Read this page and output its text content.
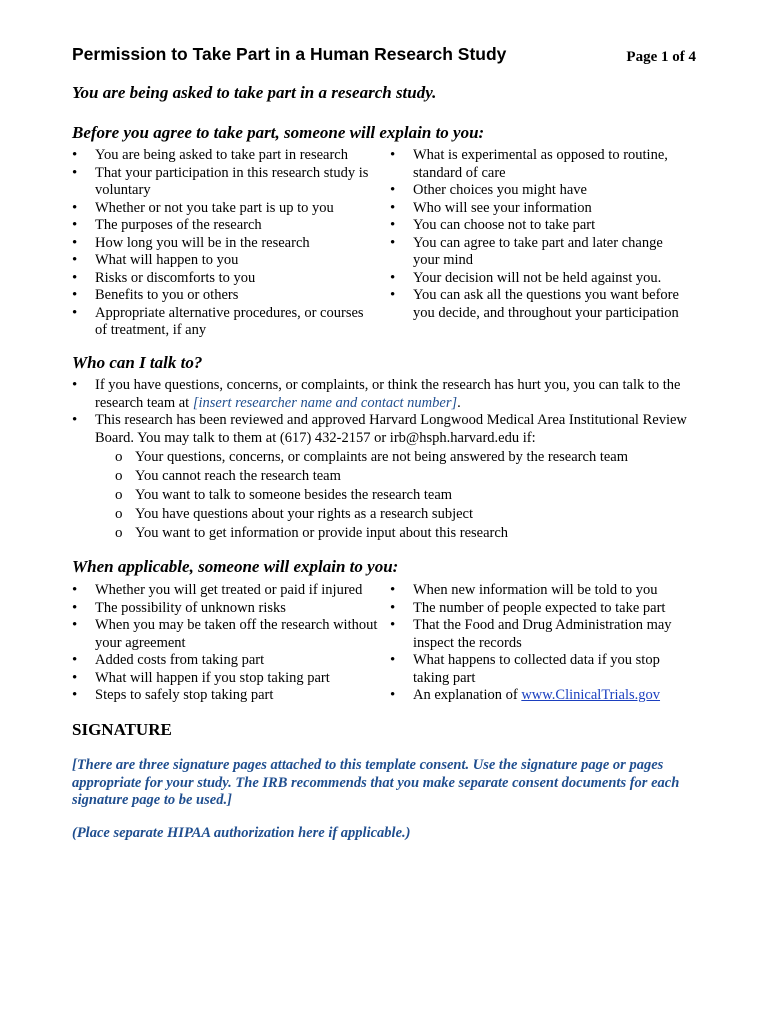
Permission to Take Part in a Human Research Study	Page 1 of 4
You are being asked to take part in a research study.
Before you agree to take part, someone will explain to you:
• You are being asked to take part in research
• That your participation in this research study is voluntary
• Whether or not you take part is up to you
• The purposes of the research
• How long you will be in the research
• What will happen to you
• Risks or discomforts to you
• Benefits to you or others
• Appropriate alternative procedures, or courses of treatment, if any
• What is experimental as opposed to routine, standard of care
• Other choices you might have
• Who will see your information
• You can choose not to take part
• You can agree to take part and later change your mind
• Your decision will not be held against you.
• You can ask all the questions you want before you decide, and throughout your participation
Who can I talk to?
• If you have questions, concerns, or complaints, or think the research has hurt you, you can talk to the research team at [insert researcher name and contact number].
• This research has been reviewed and approved Harvard Longwood Medical Area Institutional Review Board. You may talk to them at (617) 432-2157 or irb@hsph.harvard.edu if:
o Your questions, concerns, or complaints are not being answered by the research team
o You cannot reach the research team
o You want to talk to someone besides the research team
o You have questions about your rights as a research subject
o You want to get information or provide input about this research
When applicable, someone will explain to you:
• Whether you will get treated or paid if injured
• The possibility of unknown risks
• When you may be taken off the research without your agreement
• Added costs from taking part
• What will happen if you stop taking part
• Steps to safely stop taking part
• When new information will be told to you
• The number of people expected to take part
• That the Food and Drug Administration may inspect the records
• What happens to collected data if you stop taking part
• An explanation of www.ClinicalTrials.gov
SIGNATURE
[There are three signature pages attached to this template consent. Use the signature page or pages appropriate for your study. The IRB recommends that you make separate consent documents for each signature page to be used.]
(Place separate HIPAA authorization here if applicable.)
